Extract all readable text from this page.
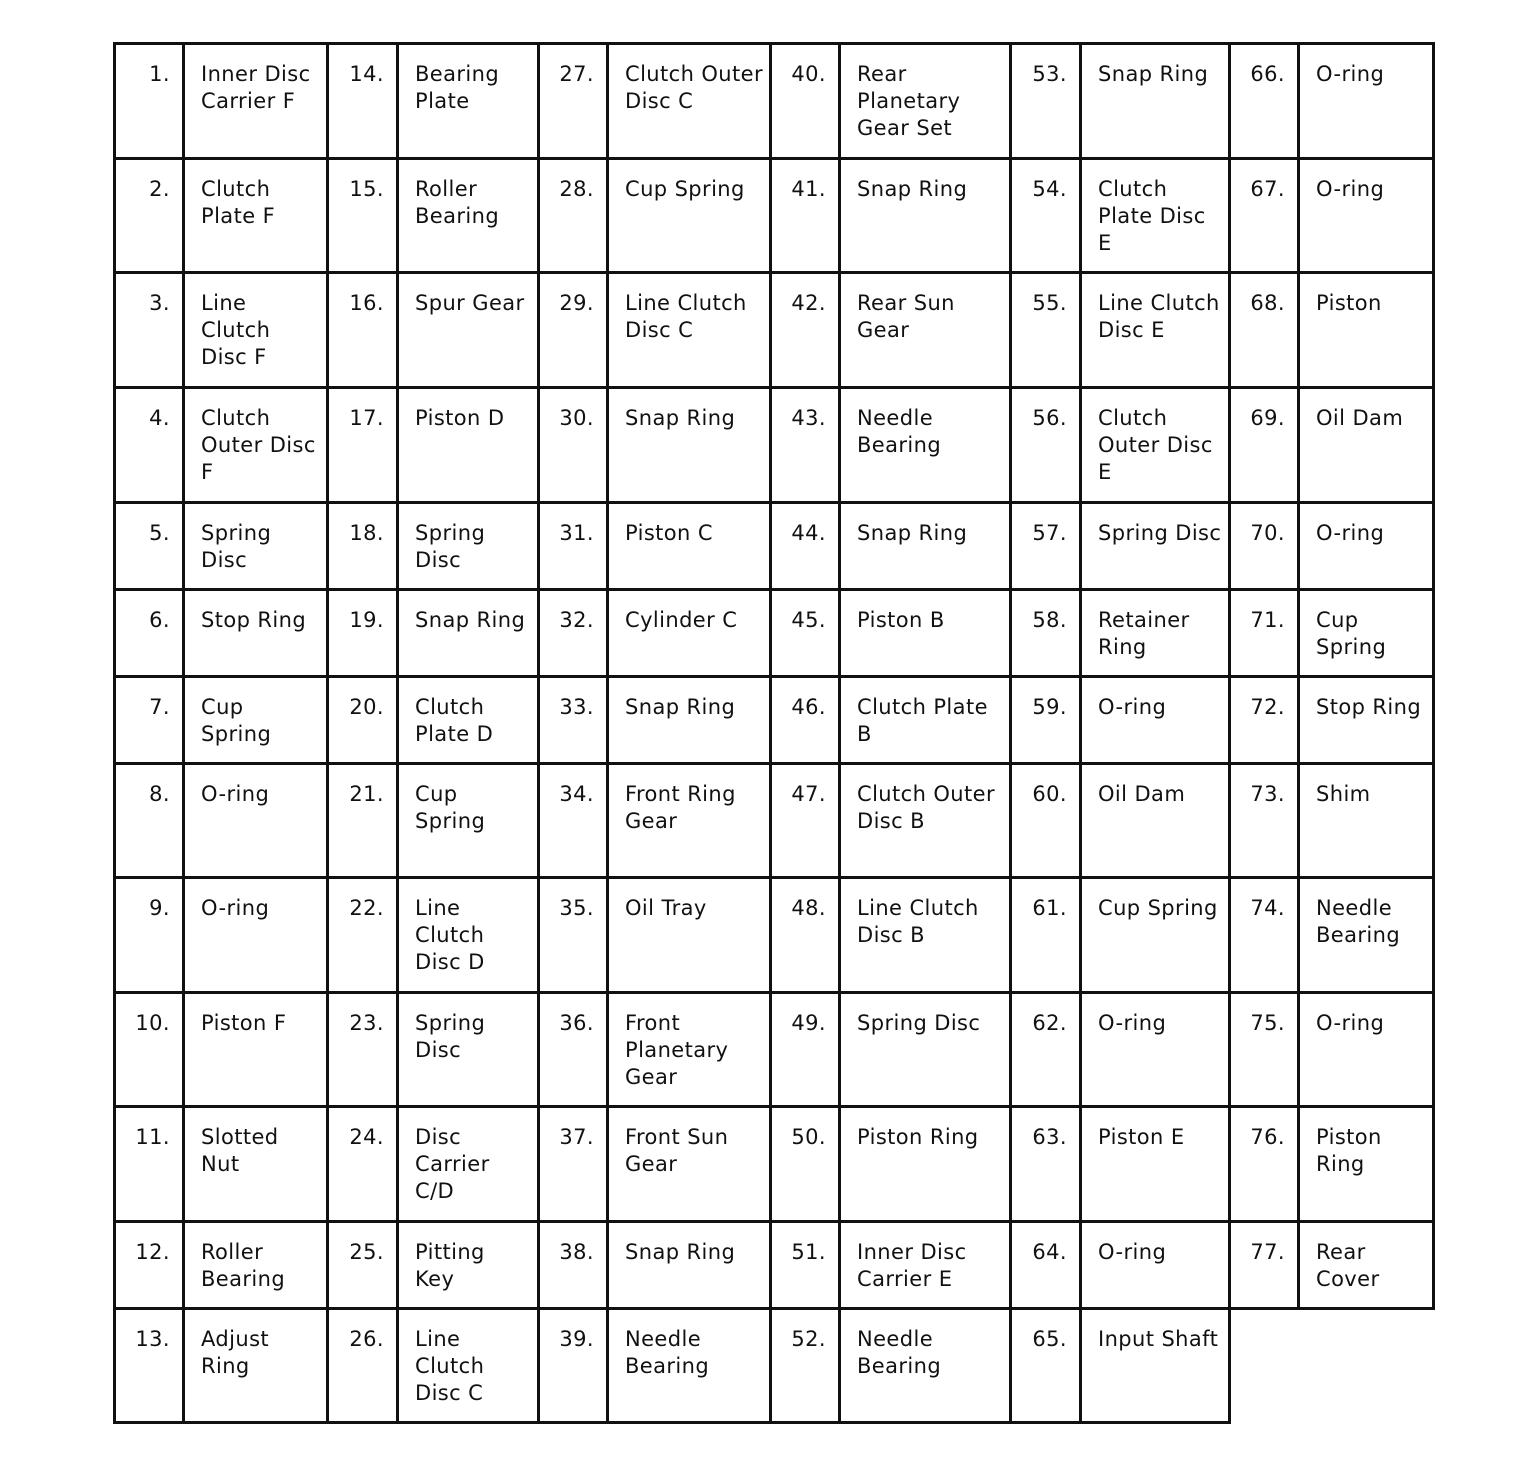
1.	Inner Disc Carrier F	14.	Bearing Plate	27.	Clutch Outer Disc C	40.	Rear Planetary Gear Set	53.	Snap Ring	66.	O-ring
2.	Clutch Plate F	15.	Roller Bearing	28.	Cup Spring	41.	Snap Ring	54.	Clutch Plate Disc E	67.	O-ring
3.	Line Clutch Disc F	16.	Spur Gear	29.	Line Clutch Disc C	42.	Rear Sun Gear	55.	Line Clutch Disc E	68.	Piston
4.	Clutch Outer Disc F	17.	Piston D	30.	Snap Ring	43.	Needle Bearing	56.	Clutch Outer Disc E	69.	Oil Dam
5.	Spring Disc	18.	Spring Disc	31.	Piston C	44.	Snap Ring	57.	Spring Disc	70.	O-ring
6.	Stop Ring	19.	Snap Ring	32.	Cylinder C	45.	Piston B	58.	Retainer Ring	71.	Cup Spring
7.	Cup Spring	20.	Clutch Plate D	33.	Snap Ring	46.	Clutch Plate B	59.	O-ring	72.	Stop Ring
8.	O-ring	21.	Cup Spring	34.	Front Ring Gear	47.	Clutch Outer Disc B	60.	Oil Dam	73.	Shim
9.	O-ring	22.	Line Clutch Disc D	35.	Oil Tray	48.	Line Clutch Disc B	61.	Cup Spring	74.	Needle Bearing
10.	Piston F	23.	Spring Disc	36.	Front Planetary Gear	49.	Spring Disc	62.	O-ring	75.	O-ring
11.	Slotted Nut	24.	Disc Carrier C/D	37.	Front Sun Gear	50.	Piston Ring	63.	Piston E	76.	Piston Ring
12.	Roller Bearing	25.	Pitting Key	38.	Snap Ring	51.	Inner Disc Carrier E	64.	O-ring	77.	Rear Cover
13.	Adjust Ring	26.	Line Clutch Disc C	39.	Needle Bearing	52.	Needle Bearing	65.	Input Shaft		
